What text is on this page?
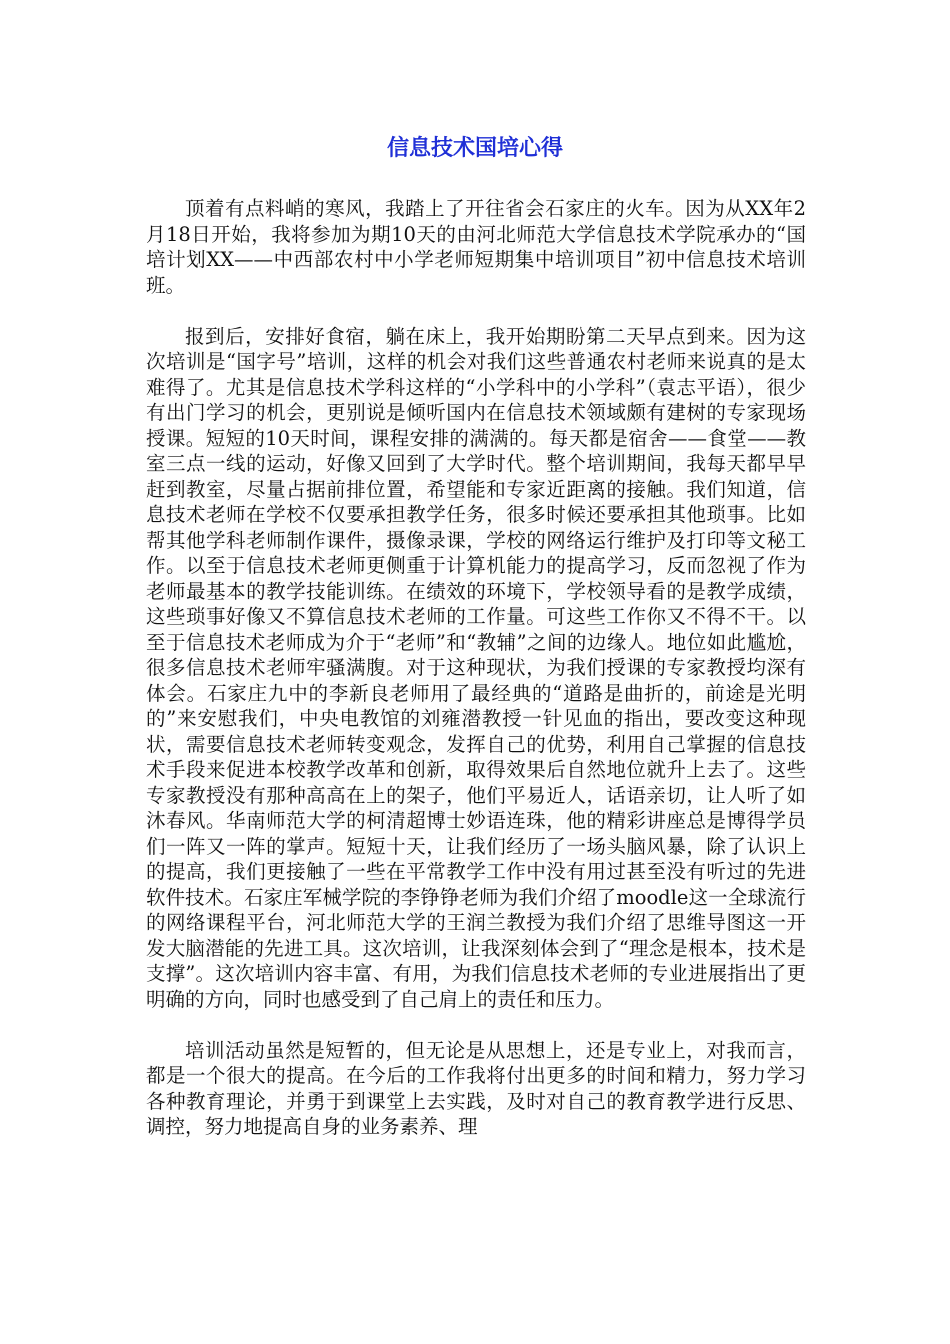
信息技术国培心得

顶着有点料峭的寒风，我踏上了开往省会石家庄的火车。因为从XX年2月18日开始，我将参加为期10天的由河北师范大学信息技术学院承办的“国培计划XX——中西部农村中小学老师短期集中培训项目”初中信息技术培训班。

报到后，安排好食宿，躺在床上，我开始期盼第二天早点到来。因为这次培训是“国字号”培训，这样的机会对我们这些普通农村老师来说真的是太难得了。尤其是信息技术学科这样的“小学科中的小学科”（袁志平语），很少有出门学习的机会，更别说是倾听国内在信息技术领域颇有建树的专家现场授课。短短的10天时间，课程安排的满满的。每天都是宿舍——食堂——教室三点一线的运动，好像又回到了大学时代。整个培训期间，我每天都早早赶到教室，尽量占据前排位置，希望能和专家近距离的接触。我们知道，信息技术老师在学校不仅要承担教学任务，很多时候还要承担其他琐事。比如帮其他学科老师制作课件，摄像录课，学校的网络运行维护及打印等文秘工作。以至于信息技术老师更侧重于计算机能力的提高学习，反而忽视了作为老师最基本的教学技能训练。在绩效的环境下，学校领导看的是教学成绩，这些琐事好像又不算信息技术老师的工作量。可这些工作你又不得不干。以至于信息技术老师成为介于“老师”和“教辅”之间的边缘人。地位如此尴尬，很多信息技术老师牢骚满腹。对于这种现状，为我们授课的专家教授均深有体会。石家庄九中的李新良老师用了最经典的“道路是曲折的，前途是光明的”来安慰我们，中央电教馆的刘雍潜教授一针见血的指出，要改变这种现状，需要信息技术老师转变观念，发挥自己的优势，利用自己掌握的信息技术手段来促进本校教学改革和创新，取得效果后自然地位就升上去了。这些专家教授没有那种高高在上的架子，他们平易近人，话语亲切，让人听了如沐春风。华南师范大学的柯清超博士妙语连珠，他的精彩讲座总是博得学员们一阵又一阵的掌声。短短十天，让我们经历了一场头脑风暴，除了认识上的提高，我们更接触了一些在平常教学工作中没有用过甚至没有听过的先进软件技术。石家庄军械学院的李铮铮老师为我们介绍了moodle这一全球流行的网络课程平台，河北师范大学的王润兰教授为我们介绍了思维导图这一开发大脑潜能的先进工具。这次培训，让我深刻体会到了“理念是根本，技术是支撑”。这次培训内容丰富、有用，为我们信息技术老师的专业进展指出了更明确的方向，同时也感受到了自己肩上的责任和压力。

培训活动虽然是短暂的，但无论是从思想上，还是专业上，对我而言，都是一个很大的提高。在今后的工作我将付出更多的时间和精力，努力学习各种教育理论，并勇于到课堂上去实践，及时对自己的教育教学进行反思、调控，努力地提高自身的业务素养、理
